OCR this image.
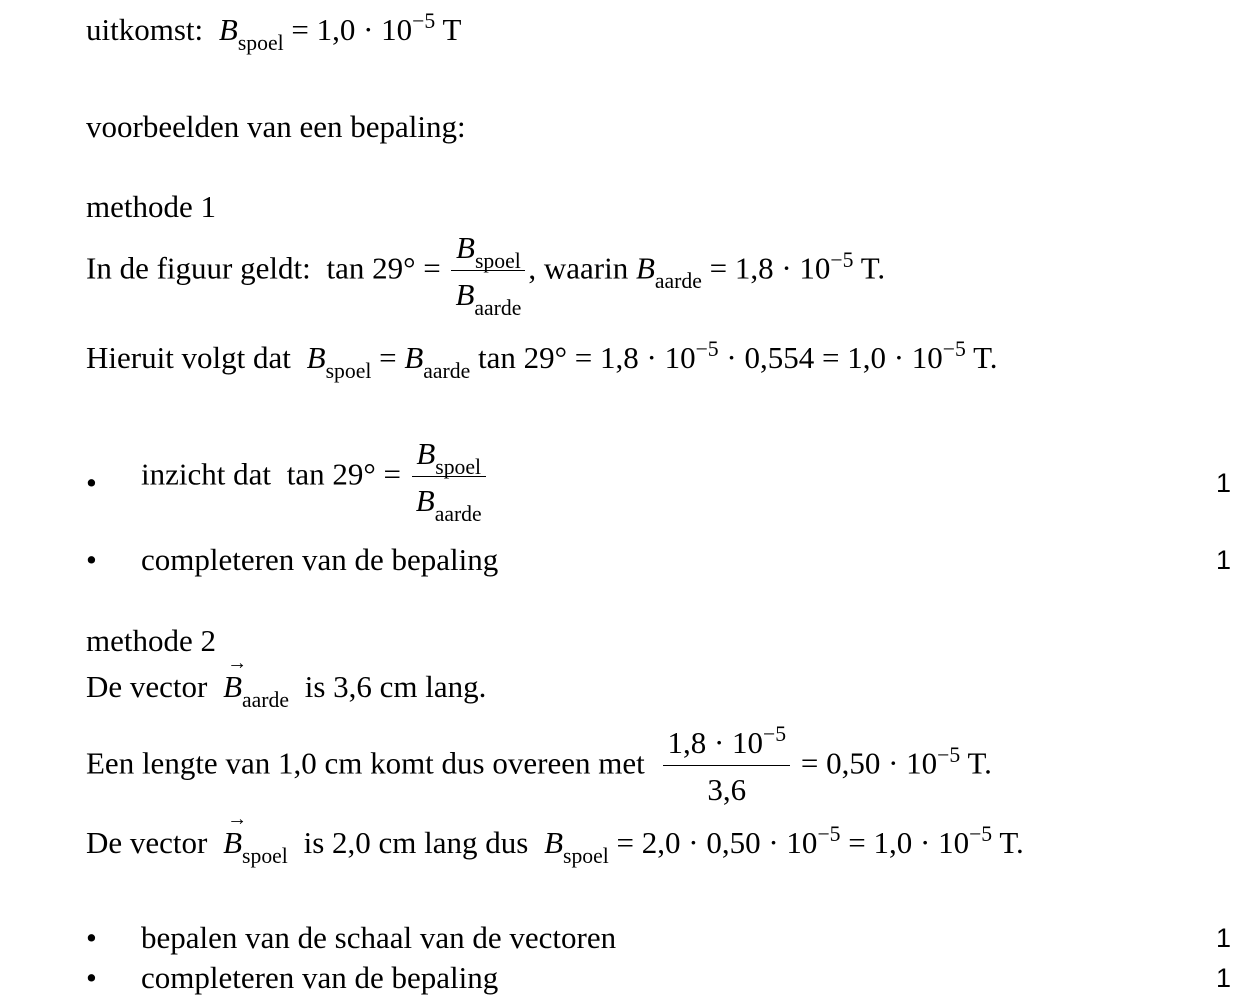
uitkomst: $B_{spoel} = 1,0 \cdot 10^{-5}$ T
voorbeelden van een bepaling:
methode 1
In de figuur geldt: $\tan 29^\circ = \frac{B_{spoel}}{B_{aarde}}$ , waarin $B_{aarde} = 1,8 \cdot 10^{-5}$ T.
Hieruit volgt dat $B_{spoel} = B_{aarde}$ $\tan 29^\circ = 1,8 \cdot 10^{-5} \cdot 0,554 = 1,0 \cdot 10^{-5}$ T.
• inzicht dat $\tan 29^\circ = \frac{B_{spoel}}{B_{aarde}}$	1
• completeren van de bepaling	1
methode 2
De vector → $B_{aarde}$ is 3,6 cm lang.
Een lengte van 1,0 cm komt dus overeen met $\frac{1,8 \cdot 10^{-5}}{3,6} = 0,50 \cdot 10^{-5}$ T.
De vector → $B_{spoel}$ is 2,0 cm lang dus $B_{spoel} = 2,0 \cdot 0,50 \cdot 10^{-5} = 1,0 \cdot 10^{-5}$ T.
• bepalen van de schaal van de vectoren	1
• completeren van de bepaling	1
